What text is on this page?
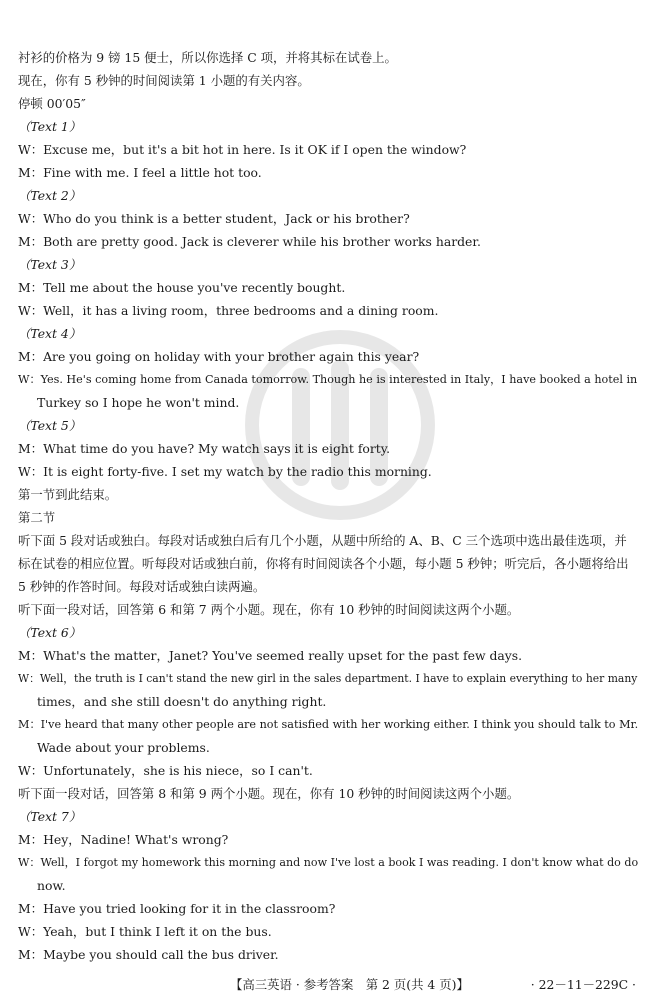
衬衫的价格为 9 镑 15 便士，所以你选择 C 项，并将其标在试卷上。
现在，你有 5 秒钟的时间阅读第 1 小题的有关内容。
停顿 00′05″
（Text 1）
W：Excuse me，but it's a bit hot in here. Is it OK if I open the window?
M：Fine with me. I feel a little hot too.
（Text 2）
W：Who do you think is a better student，Jack or his brother?
M：Both are pretty good. Jack is cleverer while his brother works harder.
（Text 3）
M：Tell me about the house you've recently bought.
W：Well，it has a living room，three bedrooms and a dining room.
（Text 4）
M：Are you going on holiday with your brother again this year?
W：Yes. He's coming home from Canada tomorrow. Though he is interested in Italy，I have booked a hotel in
Turkey so I hope he won't mind.
（Text 5）
M：What time do you have? My watch says it is eight forty.
W：It is eight forty-five. I set my watch by the radio this morning.
第一节到此结束。
第二节
听下面 5 段对话或独白。每段对话或独白后有几个小题，从题中所给的 A、B、C 三个选项中选出最佳选项，并
标在试卷的相应位置。听每段对话或独白前，你将有时间阅读各个小题，每小题 5 秒钟；听完后，各小题将给出
5 秒钟的作答时间。每段对话或独白读两遍。
听下面一段对话，回答第 6 和第 7 两个小题。现在，你有 10 秒钟的时间阅读这两个小题。
（Text 6）
M：What's the matter，Janet? You've seemed really upset for the past few days.
W：Well，the truth is I can't stand the new girl in the sales department. I have to explain everything to her many
times，and she still doesn't do anything right.
M：I've heard that many other people are not satisfied with her working either. I think you should talk to Mr.
Wade about your problems.
W：Unfortunately，she is his niece，so I can't.
听下面一段对话，回答第 8 和第 9 两个小题。现在，你有 10 秒钟的时间阅读这两个小题。
（Text 7）
M：Hey，Nadine! What's wrong?
W：Well，I forgot my homework this morning and now I've lost a book I was reading. I don't know what do do
now.
M：Have you tried looking for it in the classroom?
W：Yeah，but I think I left it on the bus.
M：Maybe you should call the bus driver.
【高三英语 · 参考答案　第 2 页(共 4 页)】	· 22－11－229C ·
